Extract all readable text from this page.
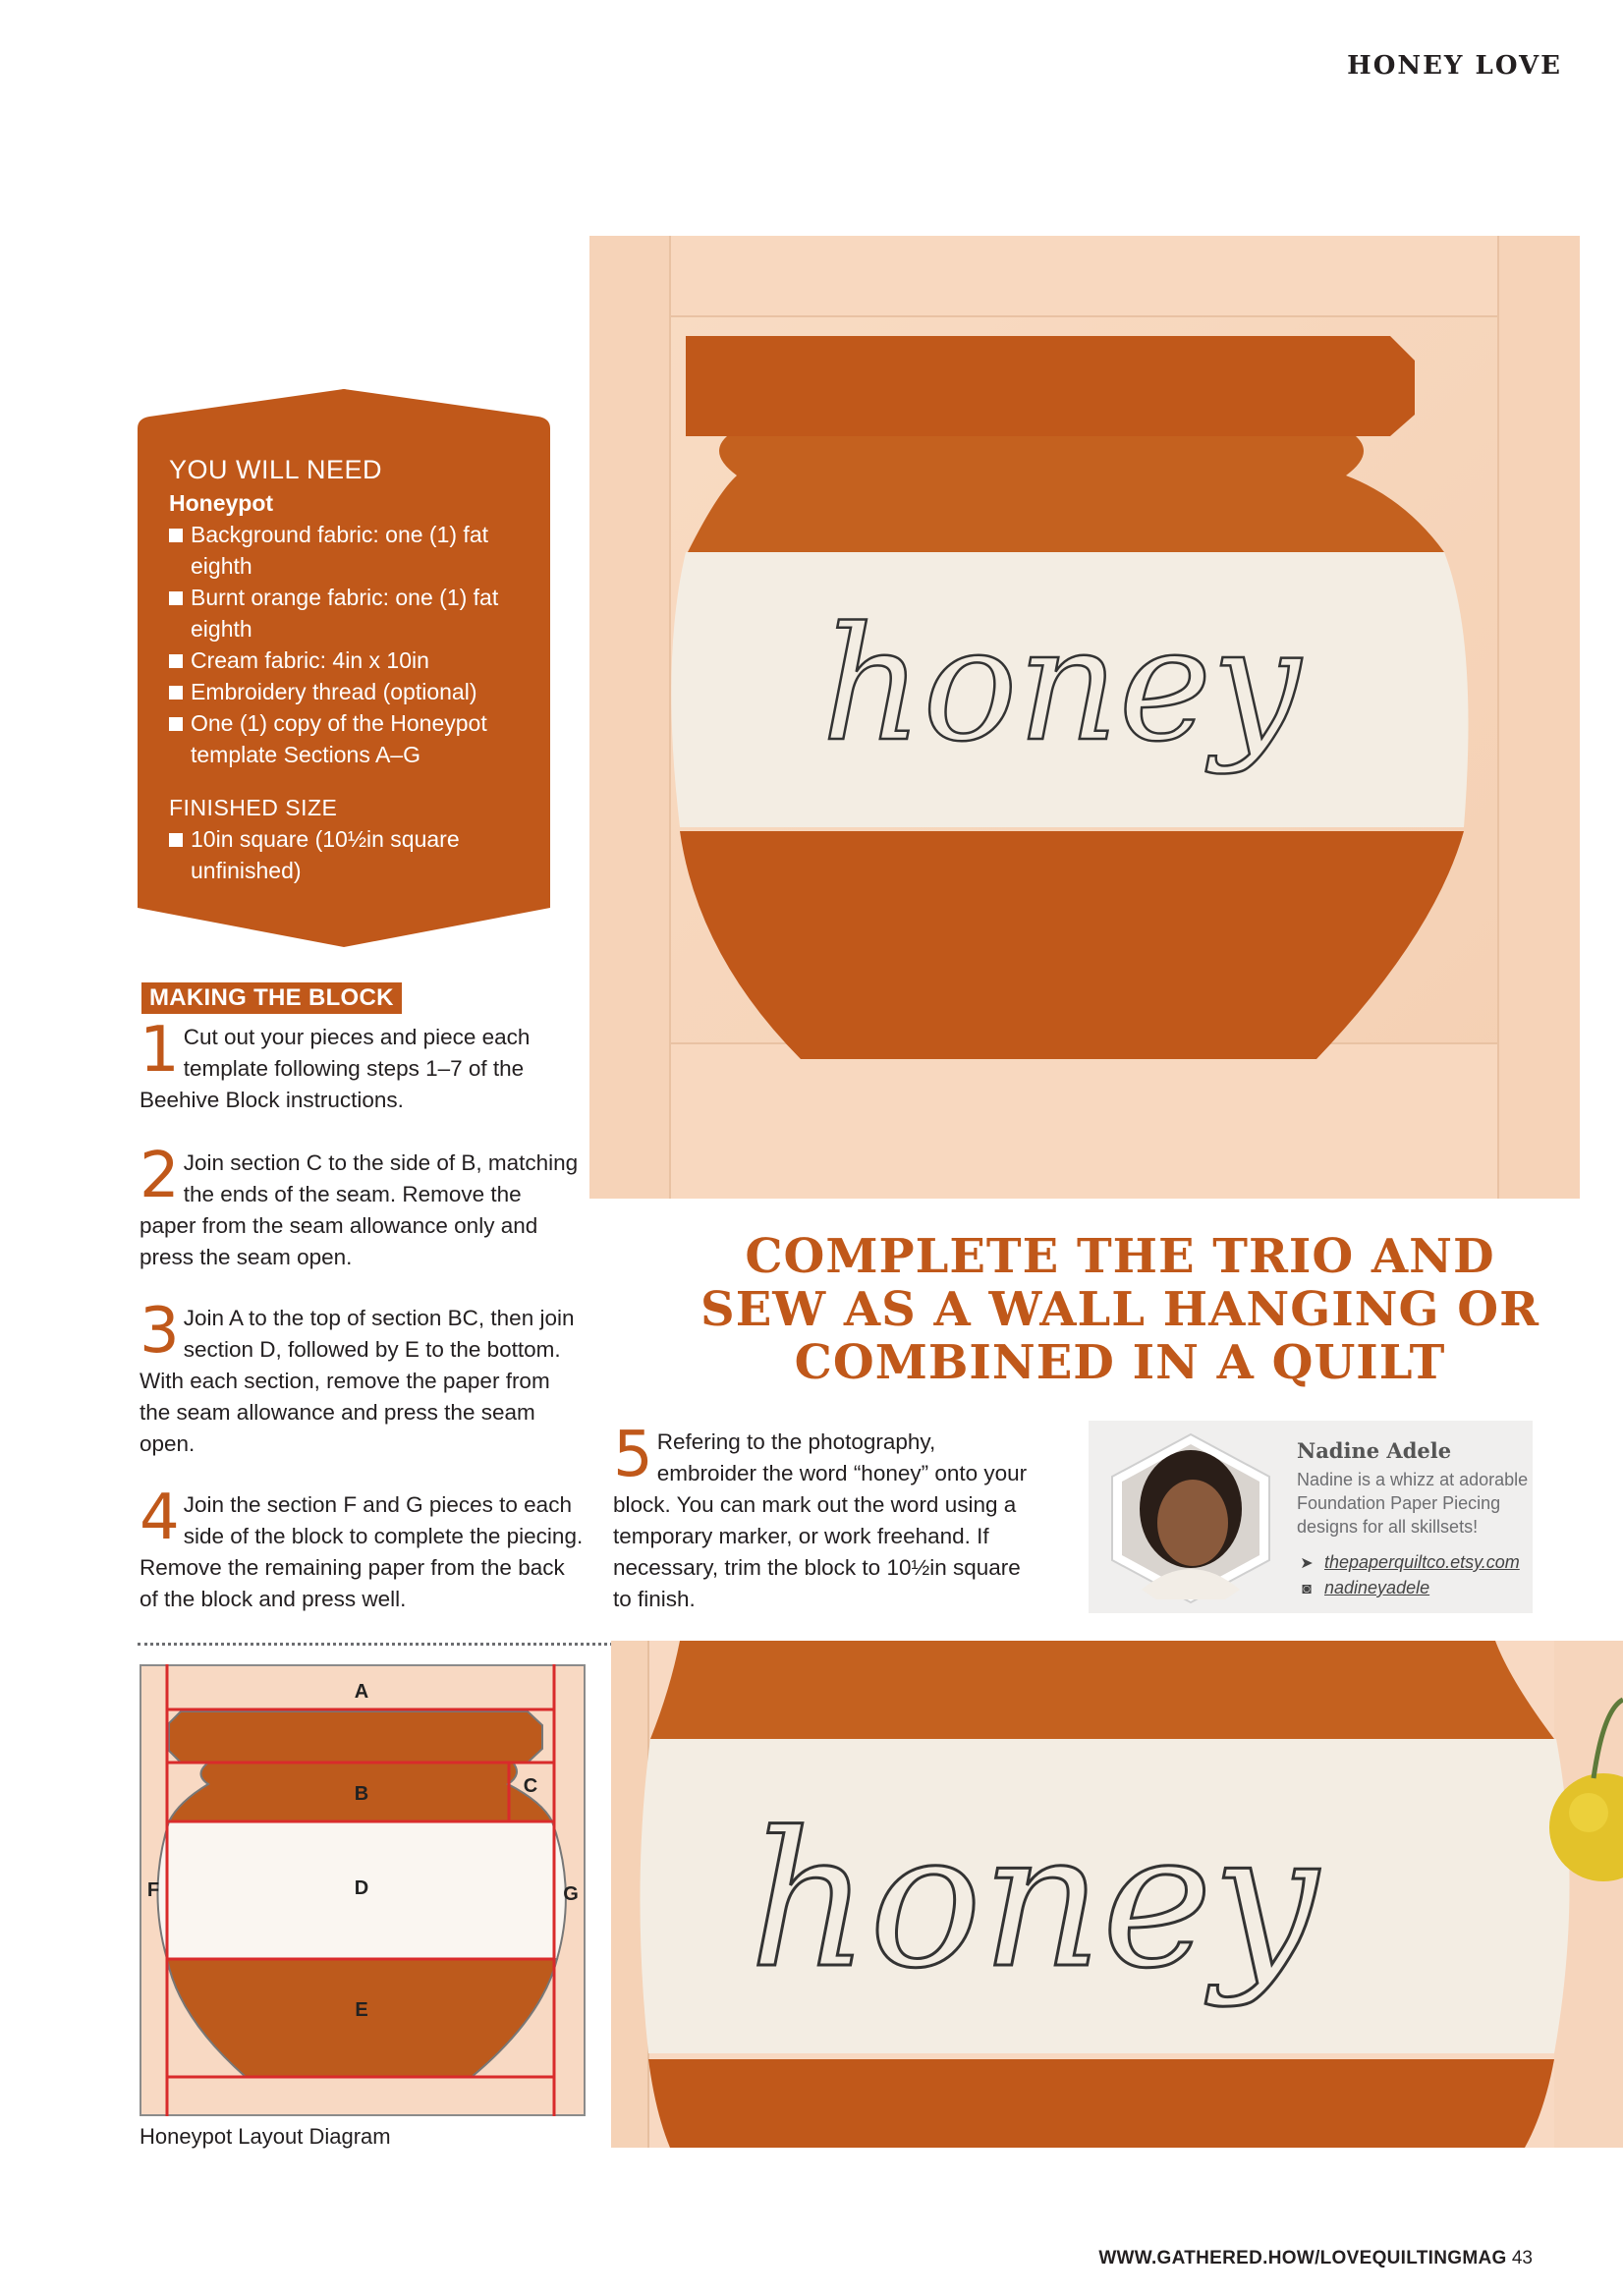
HONEY LOVE
honey
YOU WILL NEED
Honeypot
Background fabric: one (1) fat eighth
Burnt orange fabric: one (1) fat eighth
Cream fabric: 4in x 10in
Embroidery thread (optional)
One (1) copy of the Honeypot template Sections A–G
FINISHED SIZE
10in square (10½in square unfinished)
MAKING THE BLOCK
1 Cut out your pieces and piece each template following steps 1–7 of the Beehive Block instructions.
2 Join section C to the side of B, matching the ends of the seam. Remove the paper from the seam allowance only and press the seam open.
3 Join A to the top of section BC, then join section D, followed by E to the bottom. With each section, remove the paper from the seam allowance and press the seam open.
4 Join the section F and G pieces to each side of the block to complete the piecing. Remove the remaining paper from the back of the block and press well.
5 Refering to the photography, embroider the word “honey” onto your block. You can mark out the word using a temporary marker, or work freehand. If necessary, trim the block to 10½in square to finish.
COMPLETE THE TRIO AND
SEW AS A WALL HANGING OR
COMBINED IN A QUILT
Nadine Adele
Nadine is a whizz at adorable Foundation Paper Piecing designs for all skillsets!
➤ thepaperquiltco.etsy.com
◙ nadineyadele
A
B	C
D
E
F	G
Honeypot Layout Diagram
honey
WWW.GATHERED.HOW/LOVEQUILTINGMAG 43
